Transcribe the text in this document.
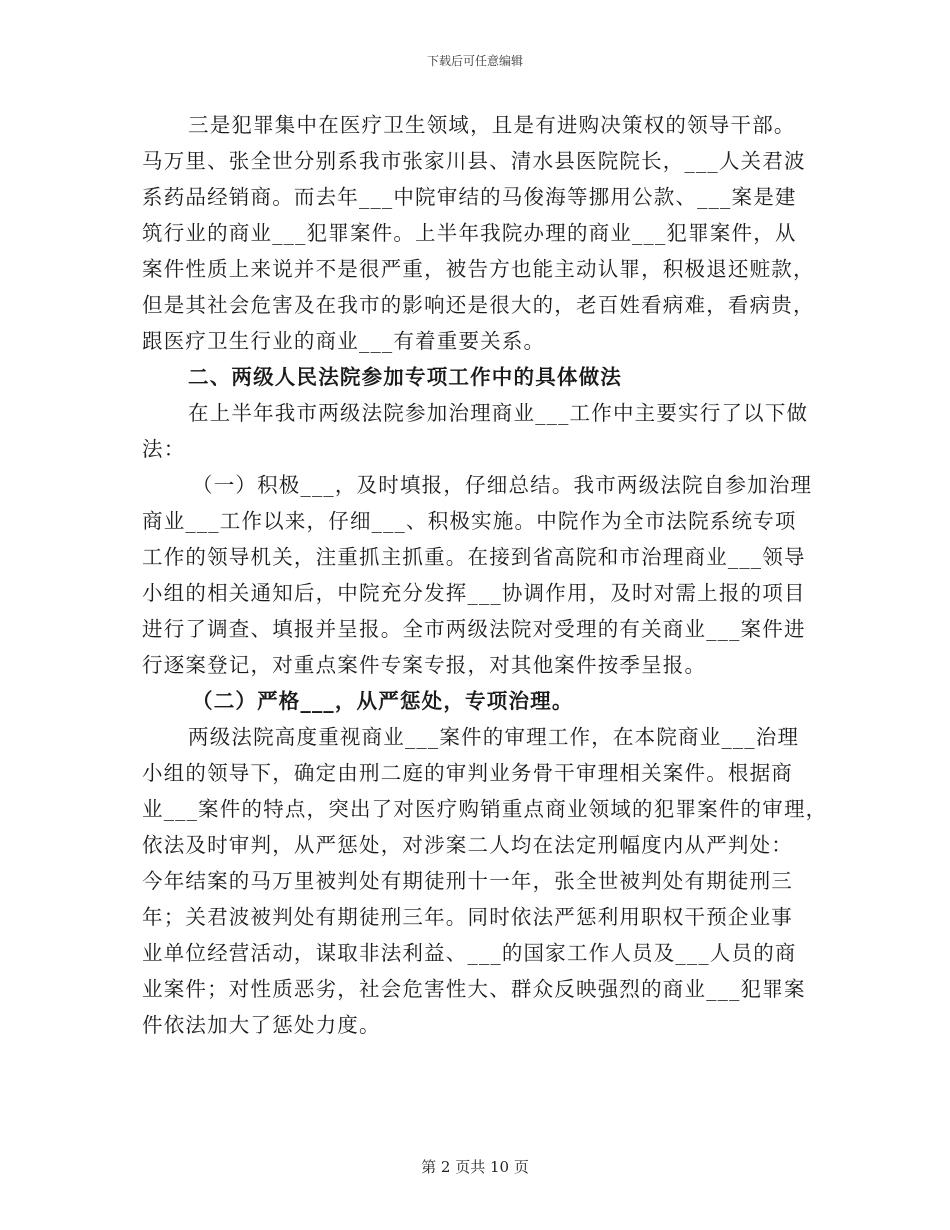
下载后可任意编辑
三是犯罪集中在医疗卫生领域，且是有进购决策权的领导干部。
马万里、张全世分别系我市张家川县、清水县医院院长，___人关君波
系药品经销商。而去年___中院审结的马俊海等挪用公款、___案是建
筑行业的商业___犯罪案件。上半年我院办理的商业___犯罪案件，从
案件性质上来说并不是很严重，被告方也能主动认罪，积极退还赃款，
但是其社会危害及在我市的影响还是很大的，老百姓看病难，看病贵，
跟医疗卫生行业的商业___有着重要关系。
二、两级人民法院参加专项工作中的具体做法
在上半年我市两级法院参加治理商业___工作中主要实行了以下做
法：
（一）积极___，及时填报，仔细总结。我市两级法院自参加治理
商业___工作以来，仔细___、积极实施。中院作为全市法院系统专项
工作的领导机关，注重抓主抓重。在接到省高院和市治理商业___领导
小组的相关通知后，中院充分发挥___协调作用，及时对需上报的项目
进行了调查、填报并呈报。全市两级法院对受理的有关商业___案件进
行逐案登记，对重点案件专案专报，对其他案件按季呈报。
（二）严格___，从严惩处，专项治理。
两级法院高度重视商业___案件的审理工作，在本院商业___治理
小组的领导下，确定由刑二庭的审判业务骨干审理相关案件。根据商
业___案件的特点，突出了对医疗购销重点商业领域的犯罪案件的审理，
依法及时审判，从严惩处，对涉案二人均在法定刑幅度内从严判处：
今年结案的马万里被判处有期徒刑十一年，张全世被判处有期徒刑三
年；关君波被判处有期徒刑三年。同时依法严惩利用职权干预企业事
业单位经营活动，谋取非法利益、___的国家工作人员及___人员的商
业案件；对性质恶劣，社会危害性大、群众反映强烈的商业___犯罪案
件依法加大了惩处力度。
第 2 页共 10 页
